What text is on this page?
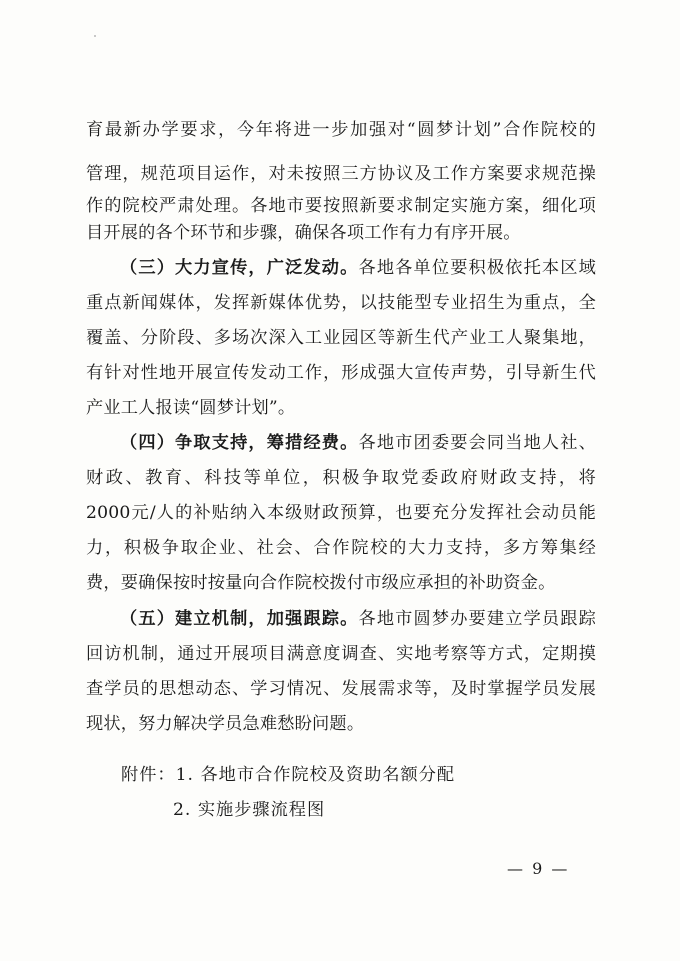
育最新办学要求，今年将进一步加强对“圆梦计划”合作院校的
管理，规范项目运作，对未按照三方协议及工作方案要求规范操
作的院校严肃处理。各地市要按照新要求制定实施方案，细化项
目开展的各个环节和步骤，确保各项工作有力有序开展。
（三）大力宣传，广泛发动。各地各单位要积极依托本区域
重点新闻媒体，发挥新媒体优势，以技能型专业招生为重点，全
覆盖、分阶段、多场次深入工业园区等新生代产业工人聚集地，
有针对性地开展宣传发动工作，形成强大宣传声势，引导新生代
产业工人报读“圆梦计划”。
（四）争取支持，筹措经费。各地市团委要会同当地人社、
财政、教育、科技等单位，积极争取党委政府财政支持，将
2000元/人的补贴纳入本级财政预算，也要充分发挥社会动员能
力，积极争取企业、社会、合作院校的大力支持，多方筹集经
费，要确保按时按量向合作院校拨付市级应承担的补助资金。
（五）建立机制，加强跟踪。各地市圆梦办要建立学员跟踪
回访机制，通过开展项目满意度调查、实地考察等方式，定期摸
查学员的思想动态、学习情况、发展需求等，及时掌握学员发展
现状，努力解决学员急难愁盼问题。
附件：1. 各地市合作院校及资助名额分配
2. 实施步骤流程图
— 9 —
